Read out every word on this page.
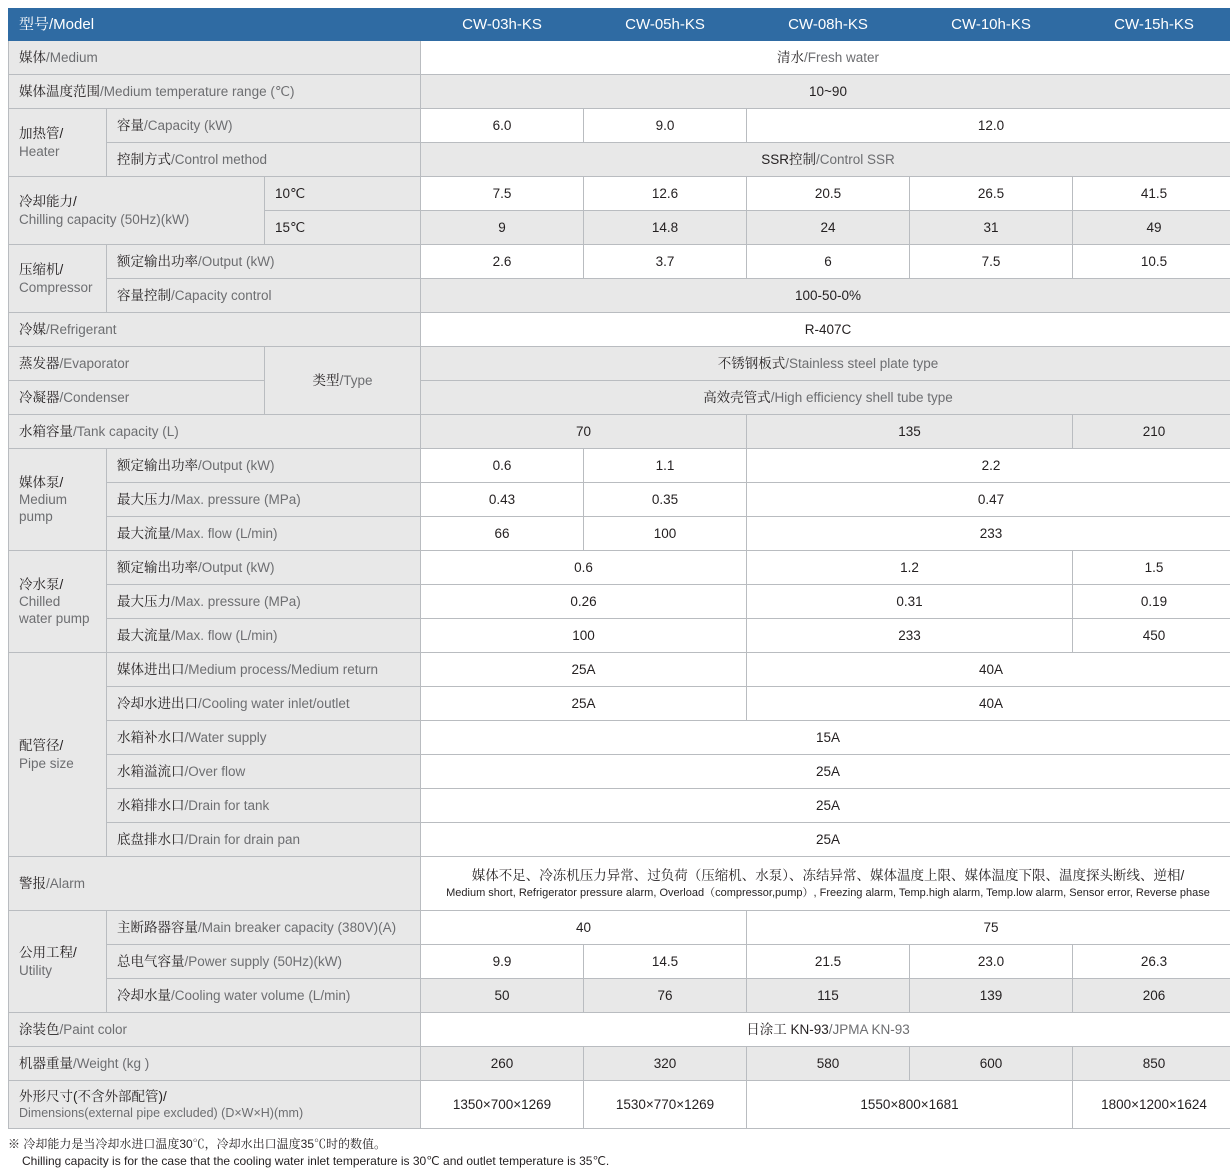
型号/Model			CW-03h-KS	CW-05h-KS	CW-08h-KS	CW-10h-KS	CW-15h-KS
媒体/Medium			清水/Fresh water				
媒体温度范围/Medium temperature range (℃)			10~90				
加热管/
Heater	容量/Capacity (kW)		6.0	9.0	12.0		
	控制方式/Control method		SSR控制/Control SSR				
冷却能力/
Chilling capacity (50Hz)(kW)		10℃	7.5	12.6	20.5	26.5	41.5
		15℃	9	14.8	24	31	49
压缩机/
Compressor	额定输出功率/Output (kW)		2.6	3.7	6	7.5	10.5
	容量控制/Capacity control		100-50-0%				
冷媒/Refrigerant			R-407C				
蒸发器/Evaporator		类型/Type	不锈钢板式/Stainless steel plate type				
冷凝器/Condenser			高效壳管式/High efficiency shell tube type				
水箱容量/Tank capacity (L)			70		135		210
媒体泵/
Medium pump	额定输出功率/Output (kW)		0.6	1.1	2.2		
	最大压力/Max. pressure (MPa)		0.43	0.35	0.47		
	最大流量/Max. flow (L/min)		66	100	233		
冷水泵/
Chilled water pump	额定输出功率/Output (kW)		0.6		1.2		1.5
	最大压力/Max. pressure (MPa)		0.26		0.31		0.19
	最大流量/Max. flow (L/min)		100		233		450
配管径/
Pipe size	媒体进出口/Medium process/Medium return		25A		40A		
	冷却水进出口/Cooling water inlet/outlet		25A		40A		
	水箱补水口/Water supply		15A				
	水箱溢流口/Over flow		25A				
	水箱排水口/Drain for tank		25A				
	底盘排水口/Drain for drain pan		25A				
警报/Alarm			媒体不足、冷冻机压力异常、过负荷（压缩机、水泵）、冻结异常、媒体温度上限、媒体温度下限、温度探头断线、逆相/
Medium short, Refrigerator pressure alarm, Overload（compressor,pump）, Freezing alarm, Temp.high alarm, Temp.low alarm, Sensor error, Reverse phase				

公用工程/
Utility	主断路器容量/Main breaker capacity (380V)(A)		40		75		
	总电气容量/Power supply (50Hz)(kW)		9.9	14.5	21.5	23.0	26.3
	冷却水量/Cooling water volume (L/min)		50	76	115	139	206
涂装色/Paint color			日涂工 KN-93/JPMA KN-93				
机器重量/Weight (kg )			260	320	580	600	850

外形尺寸(不含外部配管)/
Dimensions(external pipe excluded) (D×W×H)(mm)			1350×700×1269	1530×770×1269	1550×800×1681		1800×1200×1624
※ 冷却能力是当冷却水进口温度30℃，冷却水出口温度35℃时的数值。
Chilling capacity is for the case that the cooling water inlet temperature is 30℃ and outlet temperature is 35℃.
